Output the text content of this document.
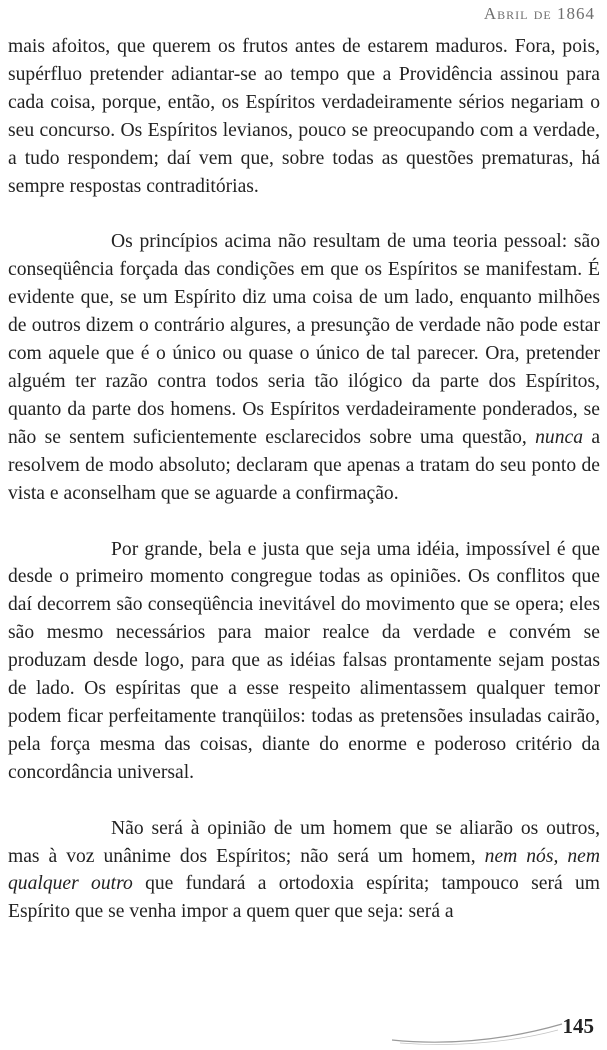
Abril de 1864

mais afoitos, que querem os frutos antes de estarem maduros. Fora, pois, supérfluo pretender adiantar-se ao tempo que a Providência assinou para cada coisa, porque, então, os Espíritos verdadeiramente sérios negariam o seu concurso. Os Espíritos levianos, pouco se preocupando com a verdade, a tudo respondem; daí vem que, sobre todas as questões prematuras, há sempre respostas contraditórias.

Os princípios acima não resultam de uma teoria pessoal: são conseqüência forçada das condições em que os Espíritos se manifestam. É evidente que, se um Espírito diz uma coisa de um lado, enquanto milhões de outros dizem o contrário algures, a presunção de verdade não pode estar com aquele que é o único ou quase o único de tal parecer. Ora, pretender alguém ter razão contra todos seria tão ilógico da parte dos Espíritos, quanto da parte dos homens. Os Espíritos verdadeiramente ponderados, se não se sentem suficientemente esclarecidos sobre uma questão, nunca a resolvem de modo absoluto; declaram que apenas a tratam do seu ponto de vista e aconselham que se aguarde a confirmação.

Por grande, bela e justa que seja uma idéia, impossível é que desde o primeiro momento congregue todas as opiniões. Os conflitos que daí decorrem são conseqüência inevitável do movimento que se opera; eles são mesmo necessários para maior realce da verdade e convém se produzam desde logo, para que as idéias falsas prontamente sejam postas de lado. Os espíritas que a esse respeito alimentassem qualquer temor podem ficar perfeitamente tranqüilos: todas as pretensões insuladas cairão, pela força mesma das coisas, diante do enorme e poderoso critério da concordância universal.

Não será à opinião de um homem que se aliarão os outros, mas à voz unânime dos Espíritos; não será um homem, nem nós, nem qualquer outro que fundará a ortodoxia espírita; tampouco será um Espírito que se venha impor a quem quer que seja: será a

145
